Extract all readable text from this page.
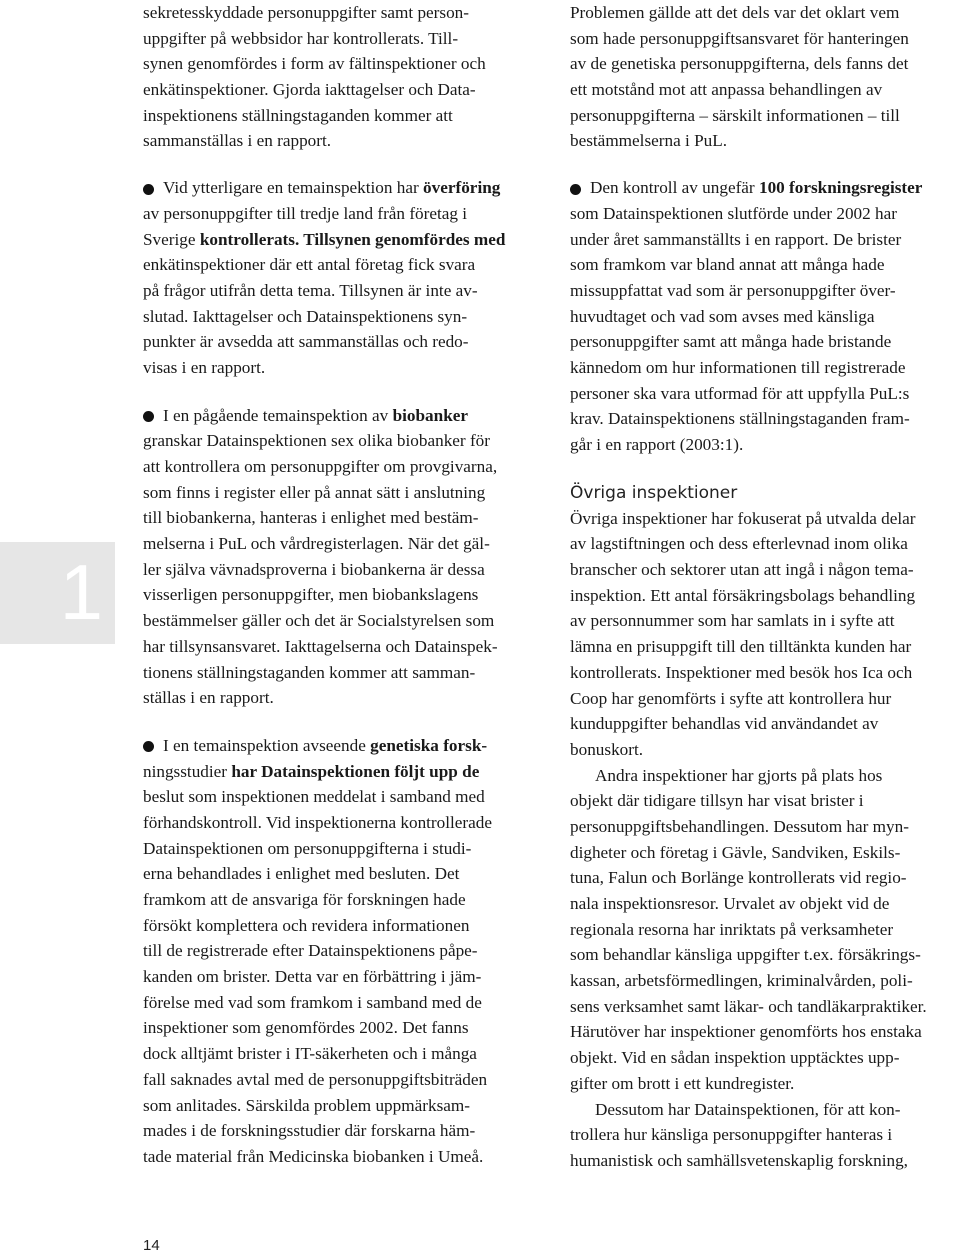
1
sekretesskyddade personuppgifter samt person-
uppgifter på webbsidor har kontrollerats. Till-
synen genomfördes i form av fältinspektioner och
enkätinspektioner. Gjorda iakttagelser och Data-
inspektionens ställningstaganden kommer att
sammanställas i en rapport.
Vid ytterligare en temainspektion har överföring
av personuppgifter till tredje land från företag i
Sverige kontrollerats. Tillsynen genomfördes med
enkätinspektioner där ett antal företag fick svara
på frågor utifrån detta tema. Tillsynen är inte av-
slutad. Iakttagelser och Datainspektionens syn-
punkter är avsedda att sammanställas och redo-
visas i en rapport.
I en pågående temainspektion av biobanker
granskar Datainspektionen sex olika biobanker för
att kontrollera om personuppgifter om provgivarna,
som finns i register eller på annat sätt i anslutning
till biobankerna, hanteras i enlighet med bestäm-
melserna i PuL och vårdregisterlagen. När det gäl-
ler själva vävnadsproverna i biobankerna är dessa
visserligen personuppgifter, men biobankslagens
bestämmelser gäller och det är Socialstyrelsen som
har tillsynsansvaret. Iakttagelserna och Datainspek-
tionens ställningstaganden kommer att samman-
ställas i en rapport.
I en temainspektion avseende genetiska forsk-
ningsstudier har Datainspektionen följt upp de
beslut som inspektionen meddelat i samband med
förhandskontroll. Vid inspektionerna kontrollerade
Datainspektionen om personuppgifterna i studi-
erna behandlades i enlighet med besluten. Det
framkom att de ansvariga för forskningen hade
försökt komplettera och revidera informationen
till de registrerade efter Datainspektionens påpe-
kanden om brister. Detta var en förbättring i jäm-
förelse med vad som framkom i samband med de
inspektioner som genomfördes 2002. Det fanns
dock alltjämt brister i IT-säkerheten och i många
fall saknades avtal med de personuppgiftsbiträden
som anlitades. Särskilda problem uppmärksam-
mades i de forskningsstudier där forskarna häm-
tade material från Medicinska biobanken i Umeå.
Problemen gällde att det dels var det oklart vem
som hade personuppgiftsansvaret för hanteringen
av de genetiska personuppgifterna, dels fanns det
ett motstånd mot att anpassa behandlingen av
personuppgifterna – särskilt informationen – till
bestämmelserna i PuL.
Den kontroll av ungefär 100 forskningsregister
som Datainspektionen slutförde under 2002 har
under året sammanställts i en rapport. De brister
som framkom var bland annat att många hade
missuppfattat vad som är personuppgifter över-
huvudtaget och vad som avses med känsliga
personuppgifter samt att många hade bristande
kännedom om hur informationen till registrerade
personer ska vara utformad för att uppfylla PuL:s
krav. Datainspektionens ställningstaganden fram-
går i en rapport (2003:1).
Övriga inspektioner
Övriga inspektioner har fokuserat på utvalda delar
av lagstiftningen och dess efterlevnad inom olika
branscher och sektorer utan att ingå i någon tema-
inspektion. Ett antal försäkringsbolags behandling
av personnummer som har samlats in i syfte att
lämna en prisuppgift till den tilltänkta kunden har
kontrollerats. Inspektioner med besök hos Ica och
Coop har genomförts i syfte att kontrollera hur
kunduppgifter behandlas vid användandet av
bonuskort.
Andra inspektioner har gjorts på plats hos
objekt där tidigare tillsyn har visat brister i
personuppgiftsbehandlingen. Dessutom har myn-
digheter och företag i Gävle, Sandviken, Eskils-
tuna, Falun och Borlänge kontrollerats vid regio-
nala inspektionsresor. Urvalet av objekt vid de
regionala resorna har inriktats på verksamheter
som behandlar känsliga uppgifter t.ex. försäkrings-
kassan, arbetsförmedlingen, kriminalvården, poli-
sens verksamhet samt läkar- och tandläkarpraktiker.
Härutöver har inspektioner genomförts hos enstaka
objekt. Vid en sådan inspektion upptäcktes upp-
gifter om brott i ett kundregister.
Dessutom har Datainspektionen, för att kon-
trollera hur känsliga personuppgifter hanteras i
humanistisk och samhällsvetenskaplig forskning,
14
